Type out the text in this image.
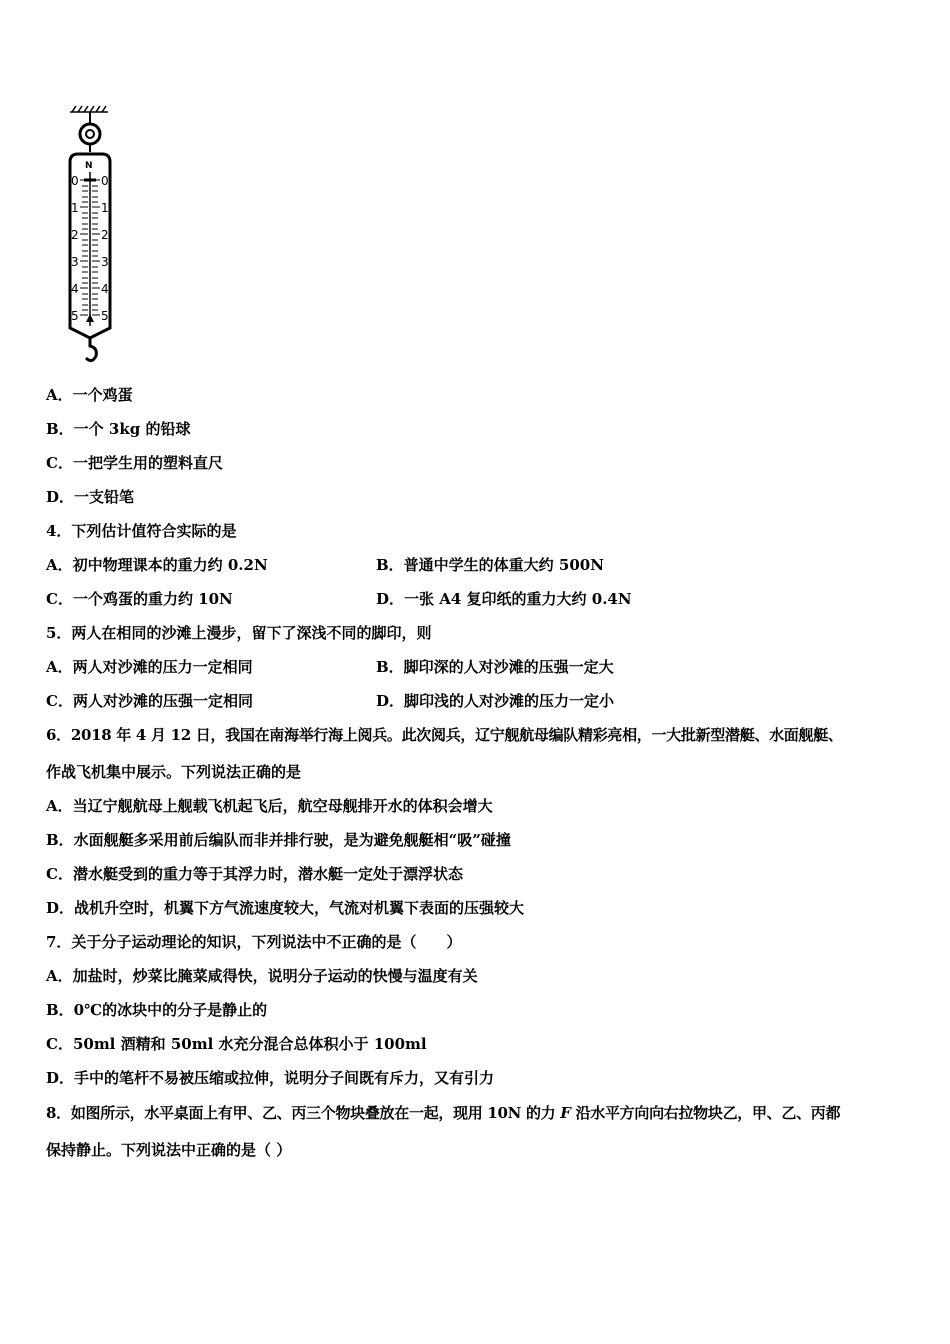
N
0
1
2
3
4
5
0
1
2
3
4
5
A．一个鸡蛋
B．一个 3kg 的铅球
C．一把学生用的塑料直尺
D．一支铅笔
4．下列估计值符合实际的是
A．初中物理课本的重力约 0.2N	B．普通中学生的体重大约 500N
C．一个鸡蛋的重力约 10N	D．一张 A4 复印纸的重力大约 0.4N
5．两人在相同的沙滩上漫步，留下了深浅不同的脚印，则
A．两人对沙滩的压力一定相同	B．脚印深的人对沙滩的压强一定大
C．两人对沙滩的压强一定相同	D．脚印浅的人对沙滩的压力一定小
6．2018 年 4 月 12 日，我国在南海举行海上阅兵。此次阅兵，辽宁舰航母编队精彩亮相，一大批新型潜艇、水面舰艇、
作战飞机集中展示。下列说法正确的是
A．当辽宁舰航母上舰载飞机起飞后，航空母舰排开水的体积会增大
B．水面舰艇多采用前后编队而非并排行驶，是为避免舰艇相“吸”碰撞
C．潜水艇受到的重力等于其浮力时，潜水艇一定处于漂浮状态
D．战机升空时，机翼下方气流速度较大，气流对机翼下表面的压强较大
7．关于分子运动理论的知识，下列说法中不正确的是（　　）
A．加盐时，炒菜比腌菜咸得快，说明分子运动的快慢与温度有关
B．0℃的冰块中的分子是静止的
C．50ml 酒精和 50ml 水充分混合总体积小于 100ml
D．手中的笔杆不易被压缩或拉伸，说明分子间既有斥力，又有引力
8．如图所示，水平桌面上有甲、乙、丙三个物块叠放在一起，现用 10N 的力 F 沿水平方向向右拉物块乙，甲、乙、丙都
保持静止。下列说法中正确的是（ ）
